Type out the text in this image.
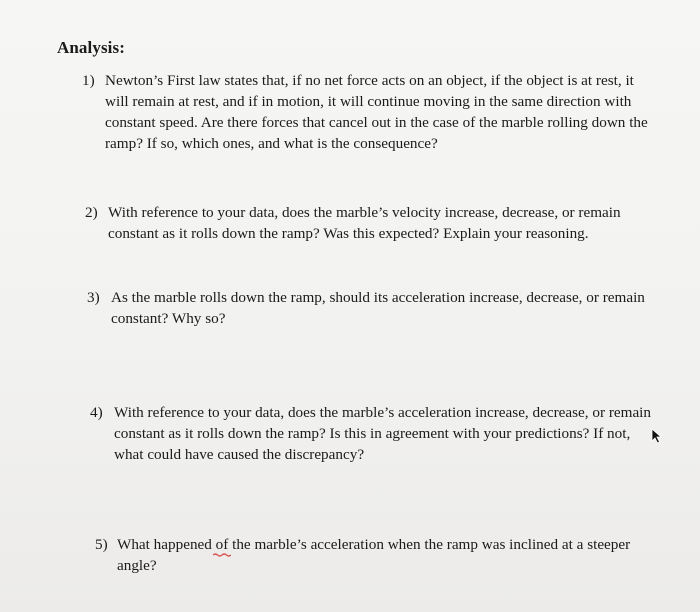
Analysis:
1) Newton’s First law states that, if no net force acts on an object, if the object is at rest, it
will remain at rest, and if in motion, it will continue moving in the same direction with
constant speed. Are there forces that cancel out in the case of the marble rolling down the
ramp? If so, which ones, and what is the consequence?
2) With reference to your data, does the marble’s velocity increase, decrease, or remain
constant as it rolls down the ramp? Was this expected? Explain your reasoning.
3) As the marble rolls down the ramp, should its acceleration increase, decrease, or remain
constant? Why so?
4) With reference to your data, does the marble’s acceleration increase, decrease, or remain
constant as it rolls down the ramp? Is this in agreement with your predictions? If not,
what could have caused the discrepancy?
5) What happened of the marble’s acceleration when the ramp was inclined at a steeper
angle?
